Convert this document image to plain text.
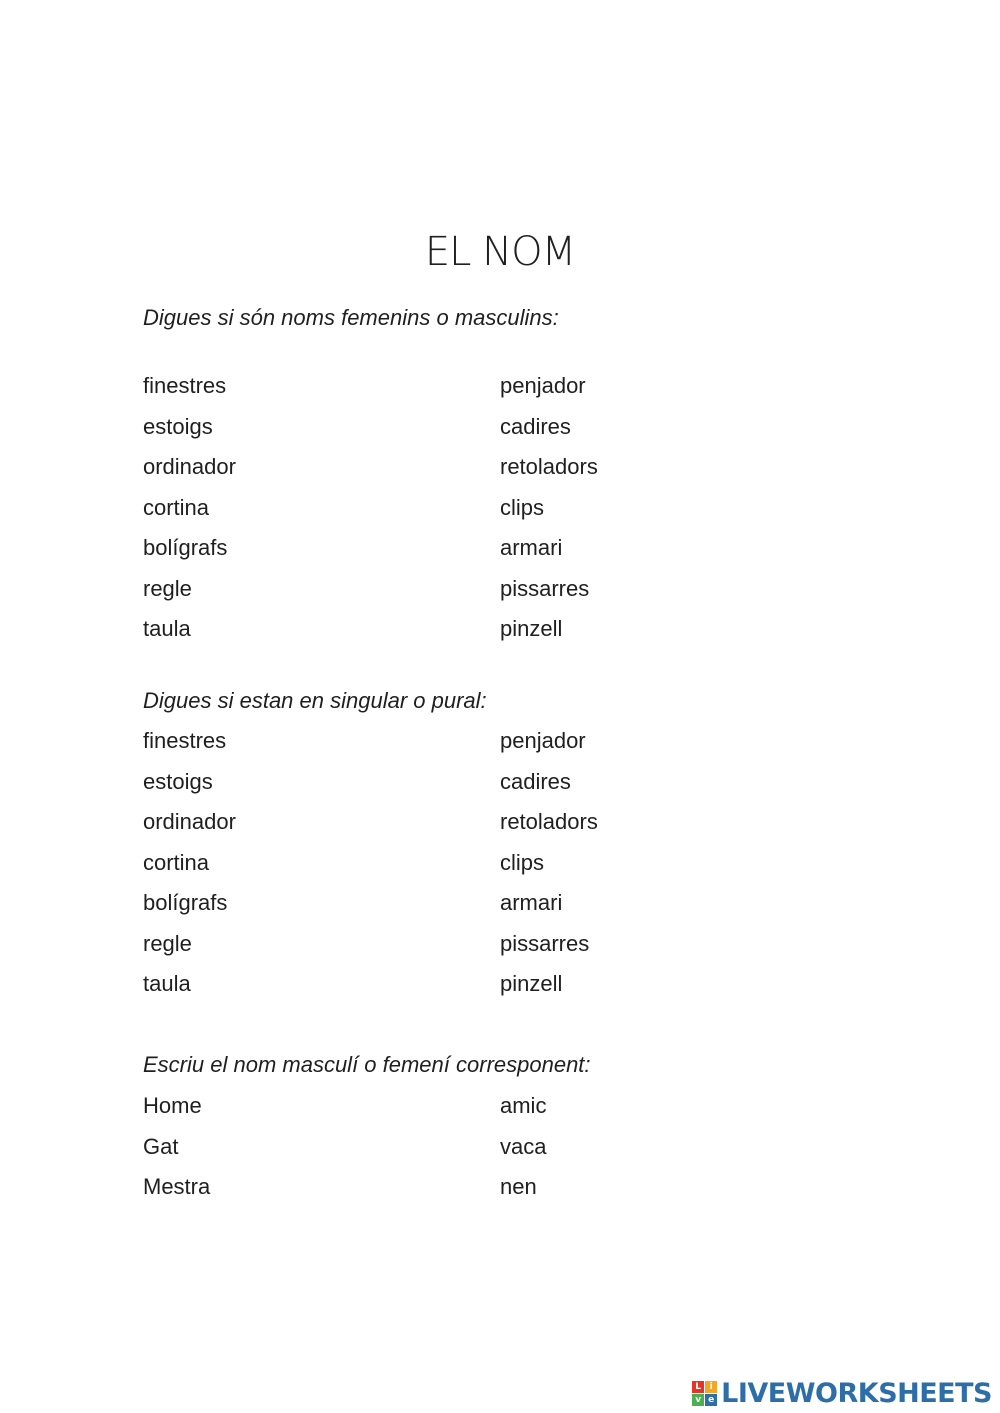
EL NOM
Digues si són noms femenins o masculins:
finestres
estoigs
ordinador
cortina
bolígrafs
regle
taula
penjador
cadires
retoladors
clips
armari
pissarres
pinzell
Digues si estan en singular o pural:
finestres
estoigs
ordinador
cortina
bolígrafs
regle
taula
penjador
cadires
retoladors
clips
armari
pissarres
pinzell
Escriu el nom masculí o femení corresponent:
Home
Gat
Mestra
amic
vaca
nen
L i
v e LIVEWORKSHEETS
